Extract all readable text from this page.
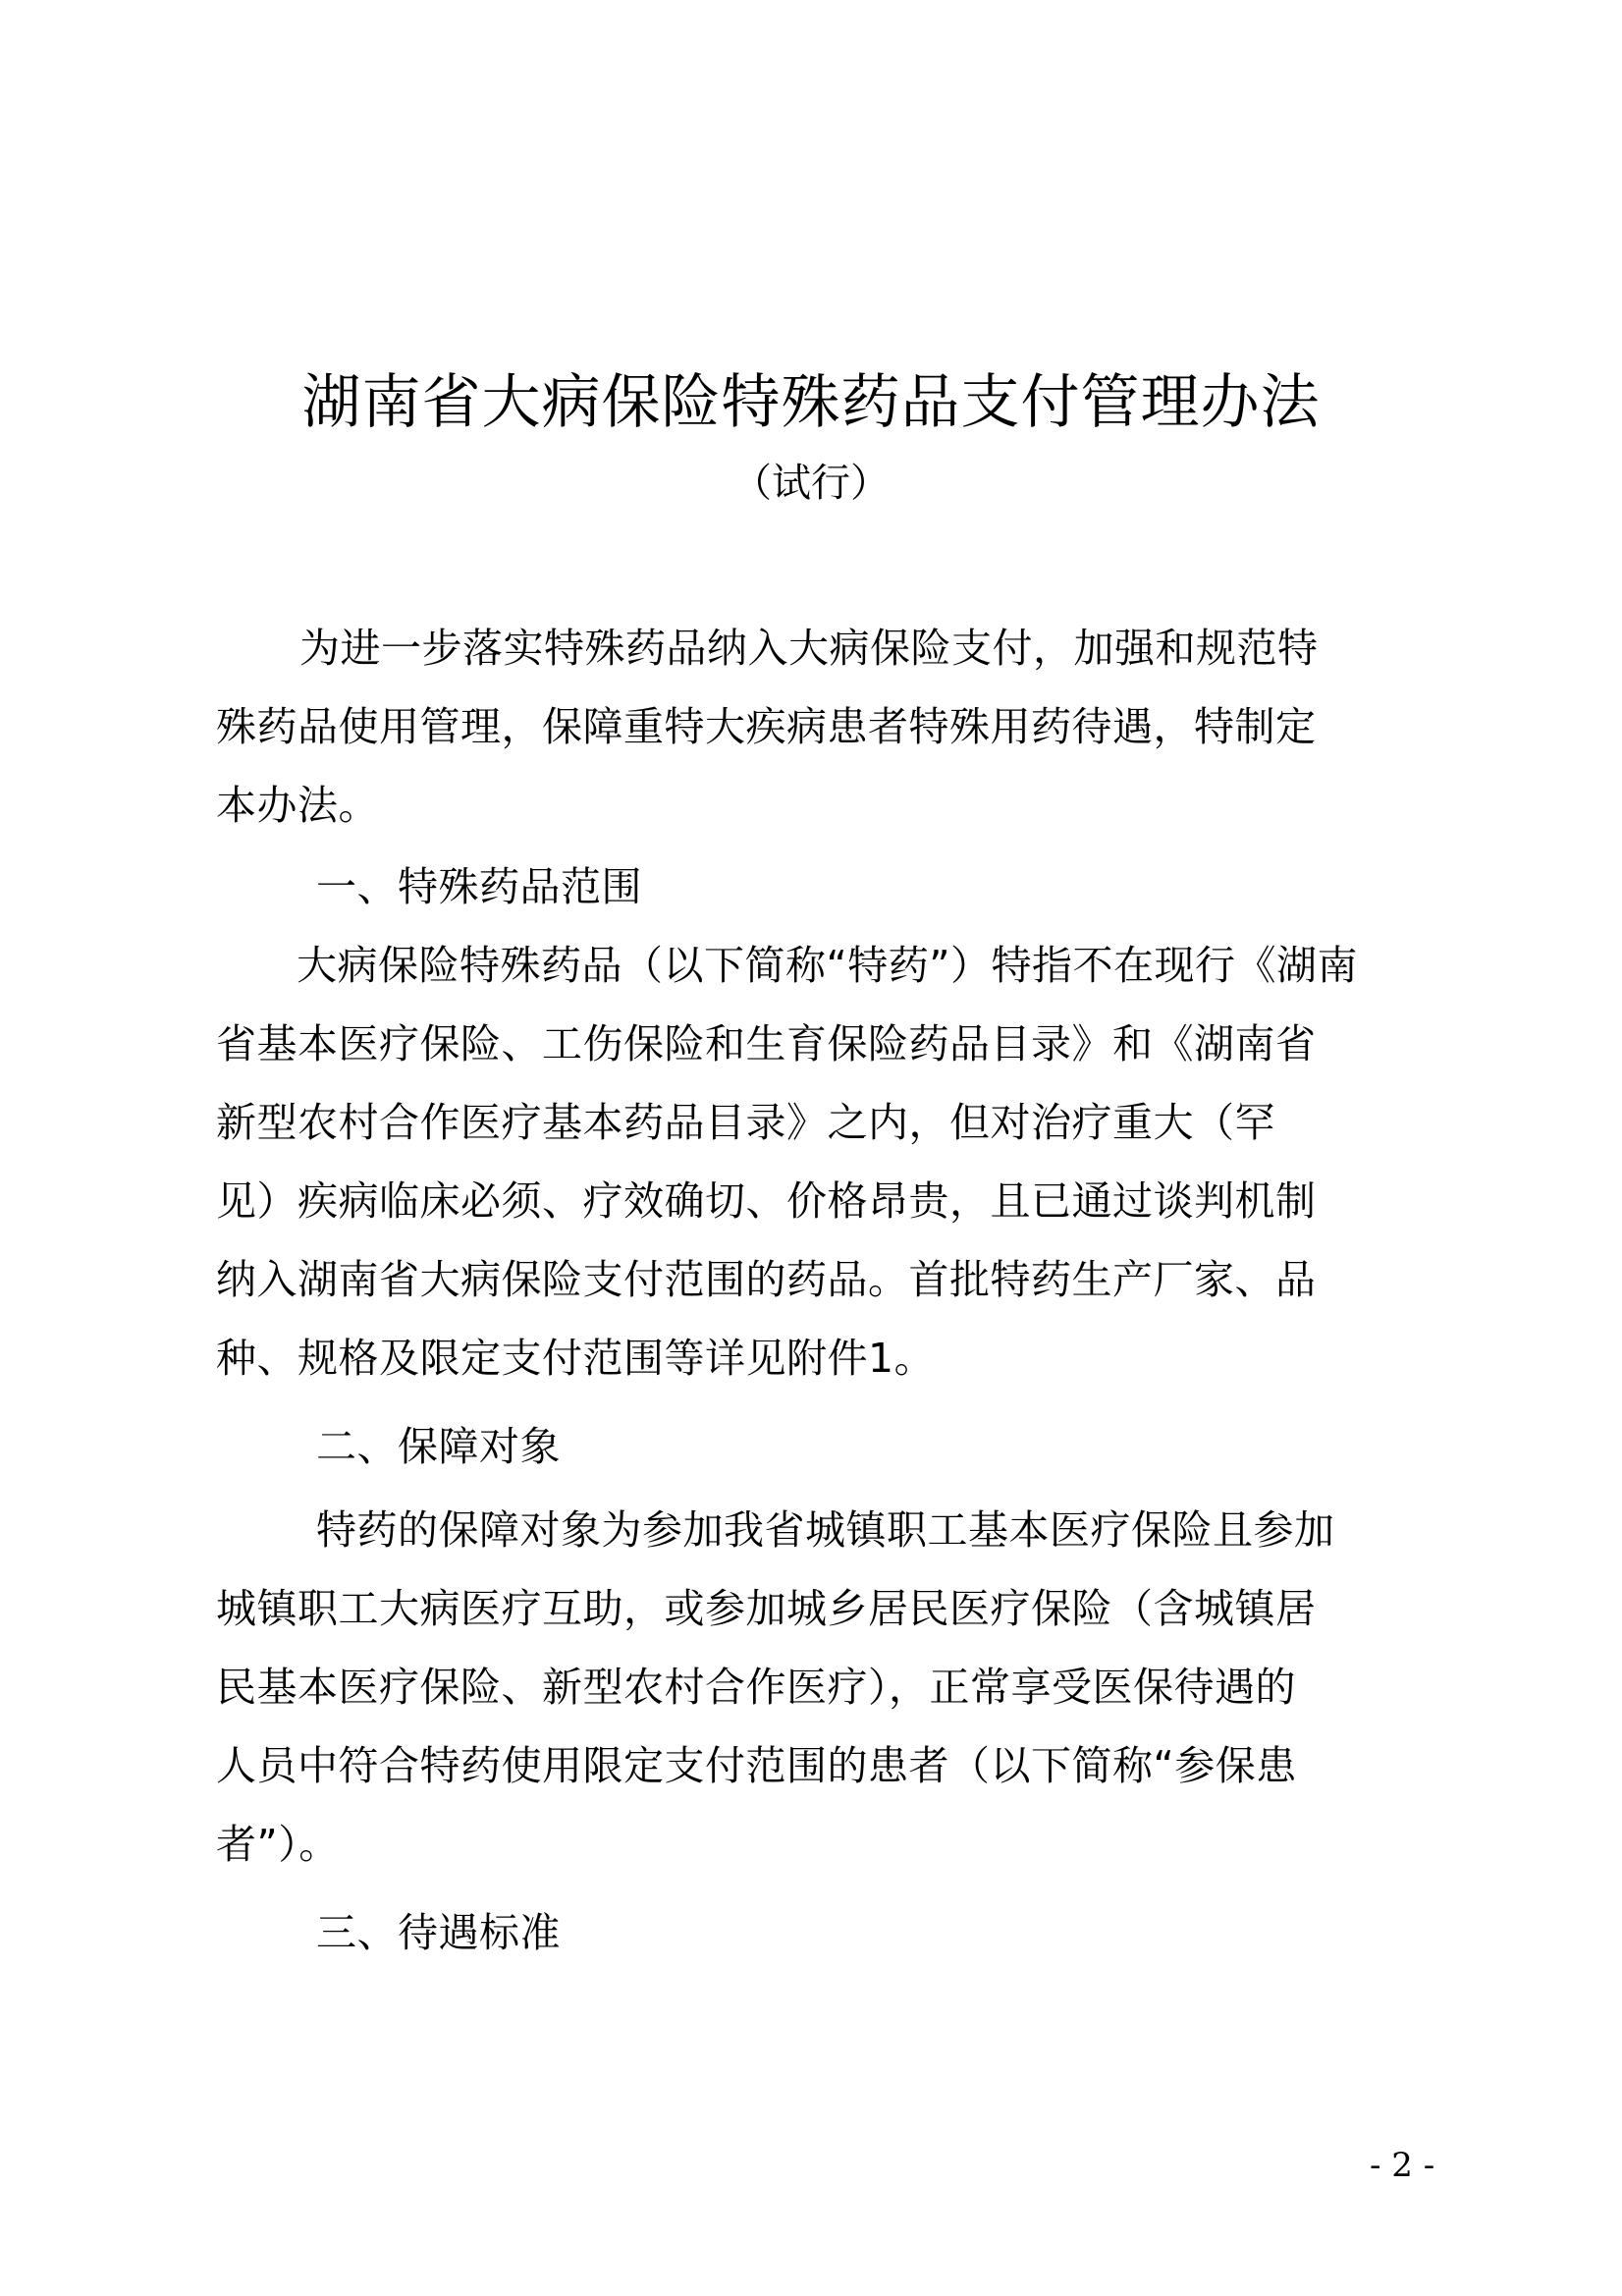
湖南省大病保险特殊药品支付管理办法
（试行）
为进一步落实特殊药品纳入大病保险支付，加强和规范特
殊药品使用管理，保障重特大疾病患者特殊用药待遇，特制定
本办法。
一、特殊药品范围
大病保险特殊药品（以下简称“特药”）特指不在现行《湖南
省基本医疗保险、工伤保险和生育保险药品目录》和《湖南省
新型农村合作医疗基本药品目录》之内，但对治疗重大（罕
见）疾病临床必须、疗效确切、价格昂贵，且已通过谈判机制
纳入湖南省大病保险支付范围的药品。首批特药生产厂家、品
种、规格及限定支付范围等详见附件1。
二、保障对象
特药的保障对象为参加我省城镇职工基本医疗保险且参加
城镇职工大病医疗互助，或参加城乡居民医疗保险（含城镇居
民基本医疗保险、新型农村合作医疗），正常享受医保待遇的
人员中符合特药使用限定支付范围的患者（以下简称“参保患
者”）。
三、待遇标准
- 2 -
